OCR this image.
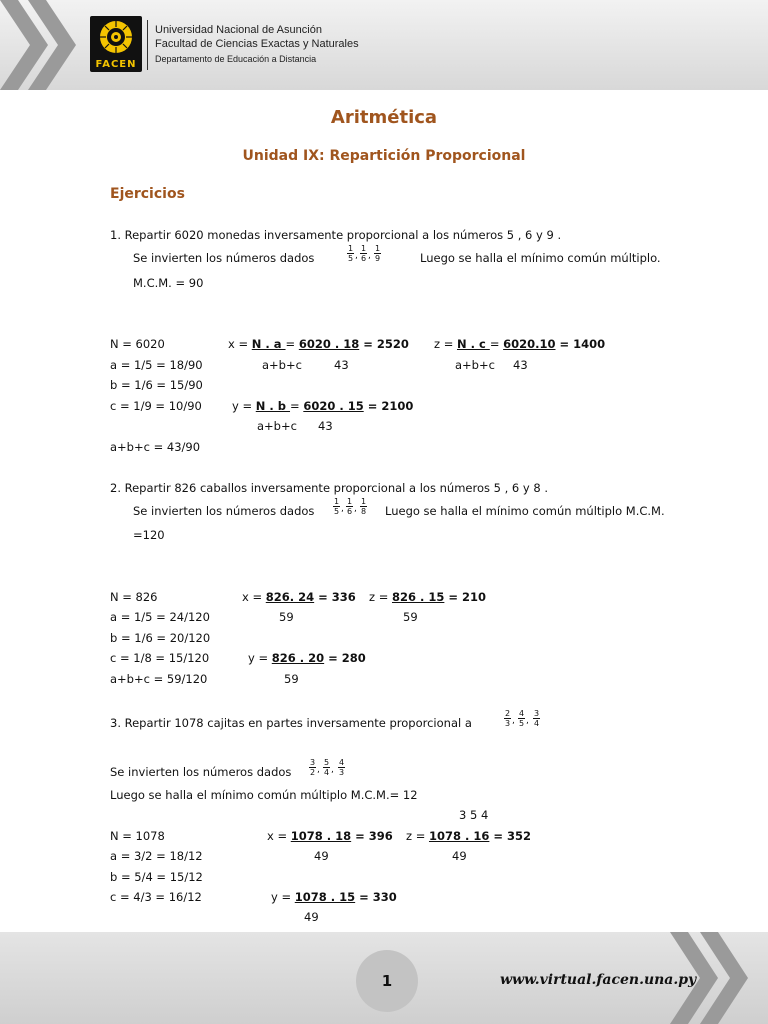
FACEN
Universidad Nacional de Asunción
Facultad de Ciencias Exactas y Naturales
Departamento de Educación a Distancia
Aritmética
Unidad IX: Repartición Proporcional
Ejercicios
1. Repartir 6020 monedas inversamente proporcional a los números 5 , 6 y 9 .
Se invierten los números dados	$\frac{1}{5}$ , $\frac{1}{6}$ , $\frac{1}{9}$	Luego se halla el mínimo común múltiplo.
M.C.M. = 90
N = 6020
a = 1/5 = 18/90
b = 1/6 = 15/90
c = 1/9 = 10/90
a+b+c = 43/90
x = N . a = 6020 . 18 = 2520
a+b+c	43
y = N . b = 6020 . 15 = 2100
a+b+c 43
z = N . c = 6020.10 = 1400
a+b+c 43
2. Repartir 826 caballos inversamente proporcional a los números 5 , 6 y 8 .
Se invierten los números dados $\frac{1}{5}$ , $\frac{1}{6}$ , $\frac{1}{8}$ Luego se halla el mínimo común múltiplo M.C.M.
=120
N = 826
a = 1/5 = 24/120
b = 1/6 = 20/120
c = 1/8 = 15/120
a+b+c = 59/120
x = 826. 24 = 336
59
y = 826 . 20 = 280
59
z = 826 . 15 = 210
59
3. Repartir 1078 cajitas en partes inversamente proporcional a	$\frac{2}{3}$ , $\frac{4}{5}$ , $\frac{3}{4}$
Se invierten los números dados $\frac{3}{2}$ , $\frac{5}{4}$ , $\frac{4}{3}$
Luego se halla el mínimo común múltiplo M.C.M.= 12
3 5 4
N = 1078
a = 3/2 = 18/12
b = 5/4 = 15/12
c = 4/3 = 16/12
x = 1078 . 18 = 396
49
y = 1078 . 15 = 330
49
z = 1078 . 16 = 352
49
1	www.virtual.facen.una.py
